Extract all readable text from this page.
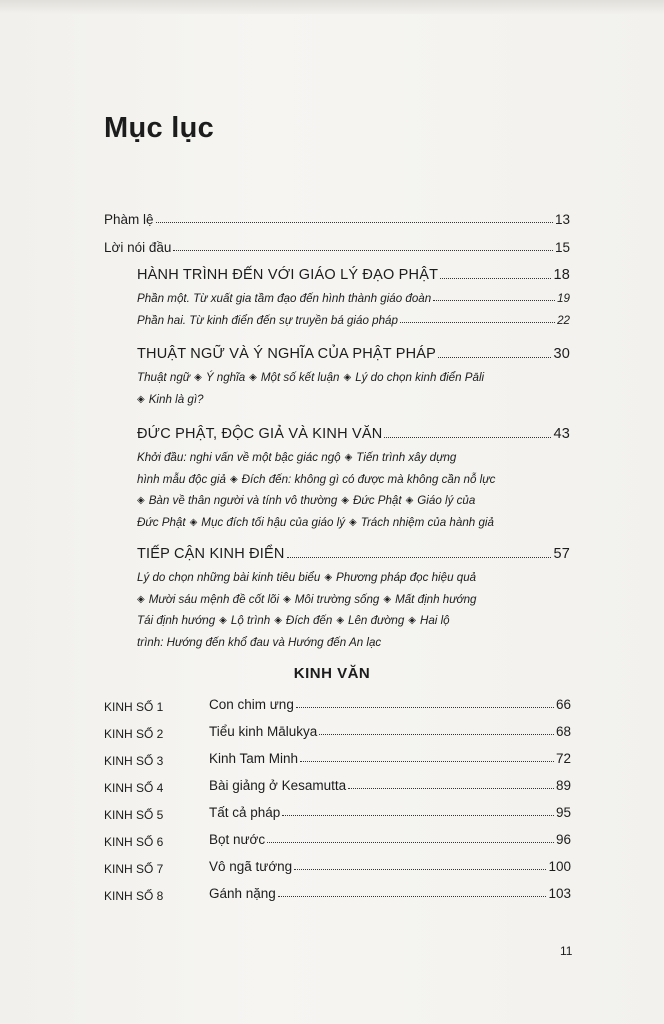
Mục lục
Phàm lệ	13
Lời nói đầu	15
HÀNH TRÌNH ĐẾN VỚI GIÁO LÝ ĐẠO PHẬT	18
Phần một. Từ xuất gia tầm đạo đến hình thành giáo đoàn	19
Phần hai. Từ kinh điển đến sự truyền bá giáo pháp	22
THUẬT NGỮ VÀ Ý NGHĨA CỦA PHẬT PHÁP	30
Thuật ngữ ◈ Ý nghĩa ◈ Một số kết luận ◈ Lý do chọn kinh điển Pāli
◈ Kinh là gì?
ĐỨC PHẬT, ĐỘC GIẢ VÀ KINH VĂN	43
Khởi đầu: nghi vấn về một bậc giác ngộ ◈ Tiến trình xây dựng
hình mẫu độc giả ◈ Đích đến: không gì có được mà không cần nỗ lực
◈ Bàn về thân người và tính vô thường ◈ Đức Phật ◈ Giáo lý của
Đức Phật ◈ Mục đích tối hậu của giáo lý ◈ Trách nhiệm của hành giả
TIẾP CẬN KINH ĐIỂN	57
Lý do chọn những bài kinh tiêu biểu ◈ Phương pháp đọc hiệu quả
◈ Mười sáu mệnh đề cốt lõi ◈ Môi trường sống ◈ Mất định hướng
Tái định hướng ◈ Lộ trình ◈ Đích đến ◈ Lên đường ◈ Hai lộ
trình: Hướng đến khổ đau và Hướng đến An lạc
KINH VĂN
KINH SỐ 1	Con chim ưng	66
KINH SỐ 2	Tiểu kinh Mālukya	68
KINH SỐ 3	Kinh Tam Minh	72
KINH SỐ 4	Bài giảng ở Kesamutta	89
KINH SỐ 5	Tất cả pháp	95
KINH SỐ 6	Bọt nước	96
KINH SỐ 7	Vô ngã tướng	100
KINH SỐ 8	Gánh nặng	103
11
